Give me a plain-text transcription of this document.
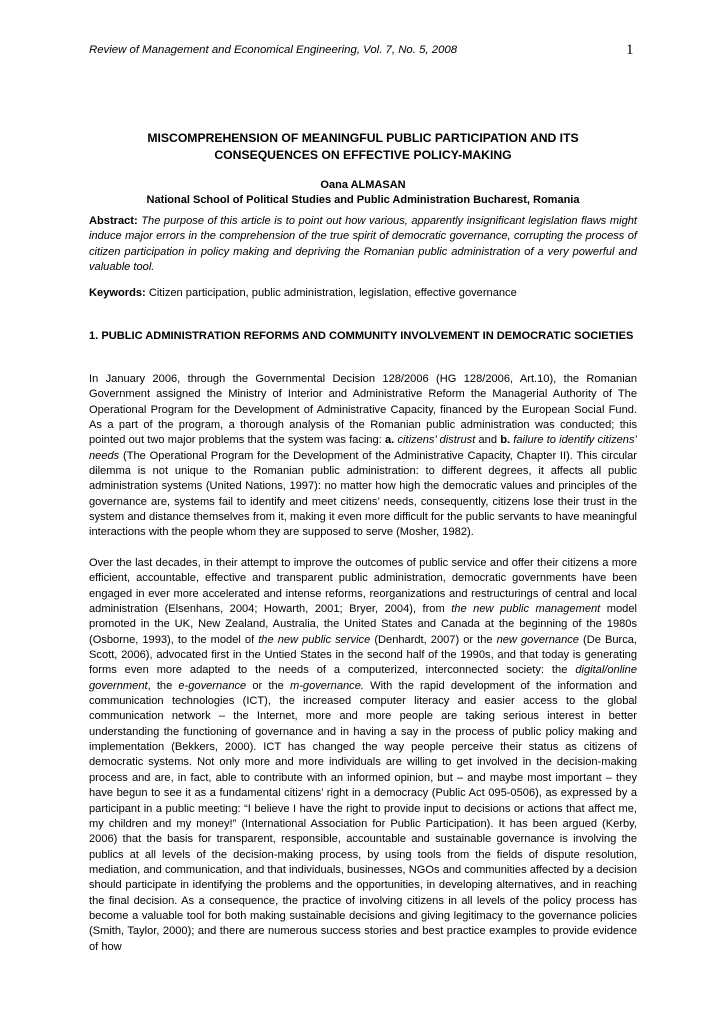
Review of Management and Economical Engineering, Vol. 7, No. 5, 2008	1
MISCOMPREHENSION OF MEANINGFUL PUBLIC PARTICIPATION AND ITS
CONSEQUENCES ON EFFECTIVE POLICY-MAKING
Oana ALMASAN
National School of Political Studies and Public Administration Bucharest, Romania
Abstract: The purpose of this article is to point out how various, apparently insignificant legislation flaws might induce major errors in the comprehension of the true spirit of democratic governance, corrupting the process of citizen participation in policy making and depriving the Romanian public administration of a very powerful and valuable tool.
Keywords: Citizen participation, public administration, legislation, effective governance
1. PUBLIC ADMINISTRATION REFORMS AND COMMUNITY INVOLVEMENT IN DEMOCRATIC SOCIETIES

In January 2006, through the Governmental Decision 128/2006 (HG 128/2006, Art.10), the Romanian Government assigned the Ministry of Interior and Administrative Reform the Managerial Authority of The Operational Program for the Development of Administrative Capacity, financed by the European Social Fund. As a part of the program, a thorough analysis of the Romanian public administration was conducted; this pointed out two major problems that the system was facing: a. citizens’ distrust and b. failure to identify citizens’ needs (The Operational Program for the Development of the Administrative Capacity, Chapter II). This circular dilemma is not unique to the Romanian public administration: to different degrees, it affects all public administration systems (United Nations, 1997): no matter how high the democratic values and principles of the governance are, systems fail to identify and meet citizens’ needs, consequently, citizens lose their trust in the system and distance themselves from it, making it even more difficult for the public servants to have meaningful interactions with the people whom they are supposed to serve (Mosher, 1982).

Over the last decades, in their attempt to improve the outcomes of public service and offer their citizens a more efficient, accountable, effective and transparent public administration, democratic governments have been engaged in ever more accelerated and intense reforms, reorganizations and restructurings of central and local administration (Elsenhans, 2004; Howarth, 2001; Bryer, 2004), from the new public management model promoted in the UK, New Zealand, Australia, the United States and Canada at the beginning of the 1980s (Osborne, 1993), to the model of the new public service (Denhardt, 2007) or the new governance (De Burca, Scott, 2006), advocated first in the Untied States in the second half of the 1990s, and that today is generating forms even more adapted to the needs of a computerized, interconnected society: the digital/online government, the e-governance or the m-governance. With the rapid development of the information and communication technologies (ICT), the increased computer literacy and easier access to the global communication network – the Internet, more and more people are taking serious interest in better understanding the functioning of governance and in having a say in the process of public policy making and implementation (Bekkers, 2000). ICT has changed the way people perceive their status as citizens of democratic systems. Not only more and more individuals are willing to get involved in the decision-making process and are, in fact, able to contribute with an informed opinion, but – and maybe most important – they have begun to see it as a fundamental citizens’ right in a democracy (Public Act 095-0506), as expressed by a participant in a public meeting: “I believe I have the right to provide input to decisions or actions that affect me, my children and my money!” (International Association for Public Participation). It has been argued (Kerby, 2006) that the basis for transparent, responsible, accountable and sustainable governance is involving the publics at all levels of the decision-making process, by using tools from the fields of dispute resolution, mediation, and communication, and that individuals, businesses, NGOs and communities affected by a decision should participate in identifying the problems and the opportunities, in developing alternatives, and in reaching the final decision. As a consequence, the practice of involving citizens in all levels of the policy process has become a valuable tool for both making sustainable decisions and giving legitimacy to the governance policies (Smith, Taylor, 2000); and there are numerous success stories and best practice examples to provide evidence of how
